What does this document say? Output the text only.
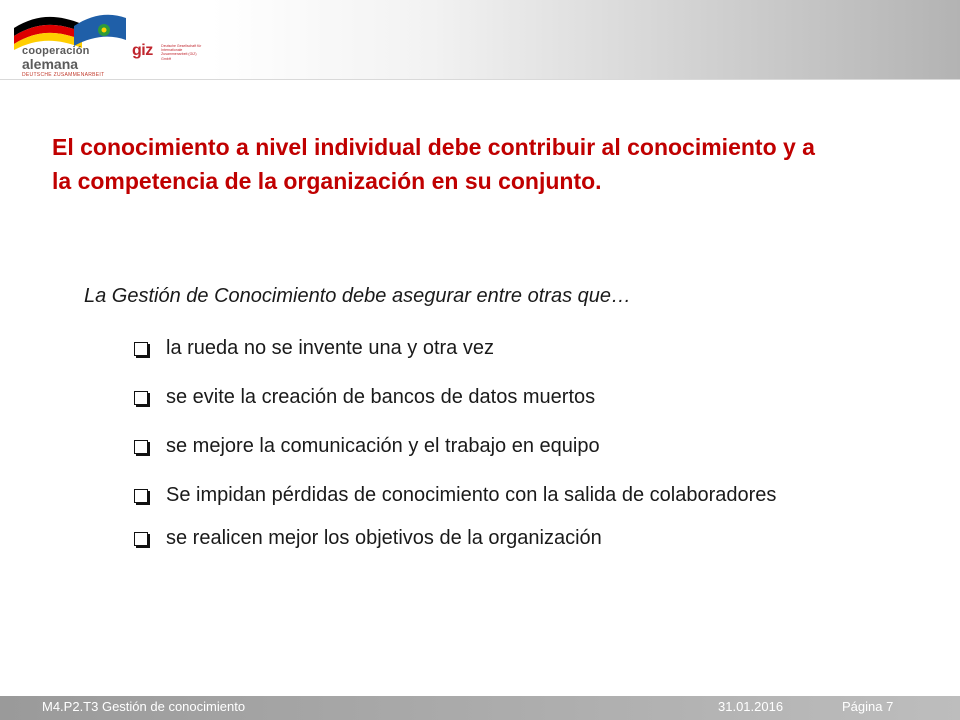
cooperación
alemana
DEUTSCHE ZUSAMMENARBEIT
giz Deutsche Gesellschaft für Internationale Zusammenarbeit (GIZ) GmbH
El conocimiento a nivel individual debe contribuir al conocimiento y a la competencia de la organización en su conjunto.
La Gestión de Conocimiento debe asegurar entre otras que…
la rueda no se invente una y otra vez
se evite la creación de bancos de datos muertos
se mejore la comunicación y el trabajo en equipo
Se impidan pérdidas de conocimiento con la salida de colaboradores
se realicen mejor los objetivos de la organización
M4.P2.T3 Gestión de conocimiento	31.01.2016	Página 7
